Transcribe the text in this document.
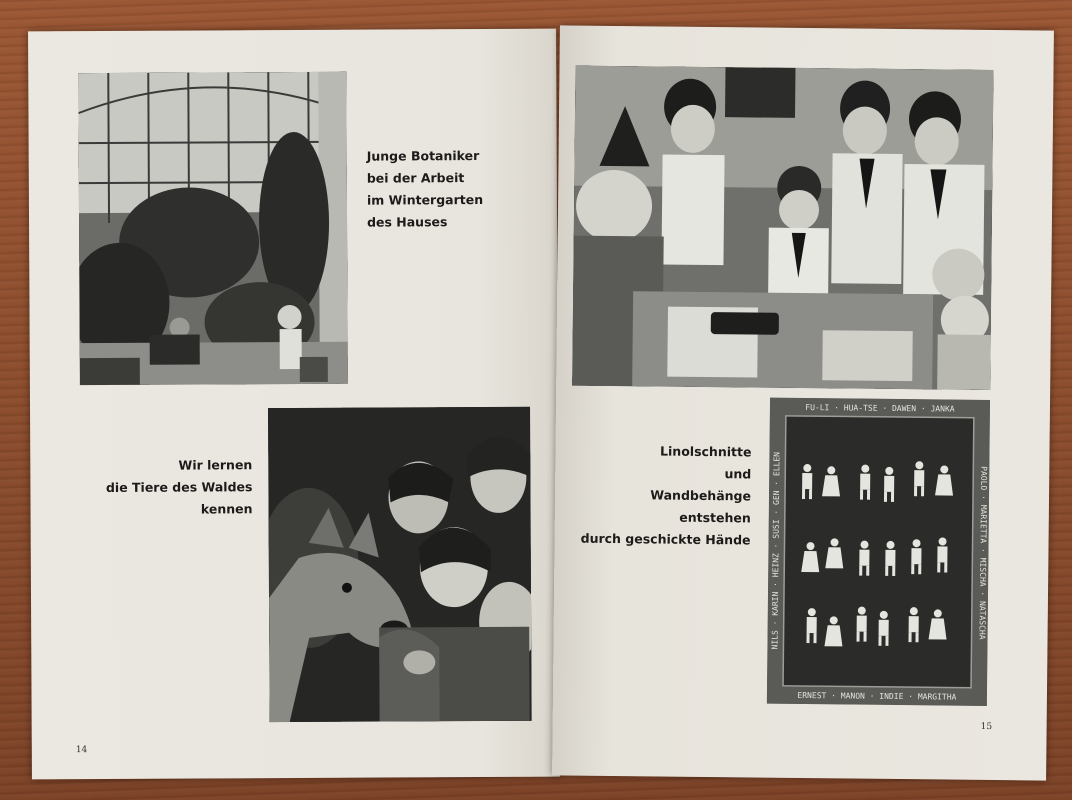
Junge Botaniker
bei der Arbeit
im Wintergarten
des Hauses
Wir lernen
die Tiere des Waldes
kennen
14
Linolschnitte
und
Wandbehänge
entstehen
durch geschickte Hände
FU-LI · HUA-TSE · DAWEN · JANKA
ERNEST · MANON · INDIE · MARGITHA
NILS · KARIN · HEINZ · SUSI · GEN · ELLEN	PAOLO · MARIETTA · MISCHA · NATASCHA
15
